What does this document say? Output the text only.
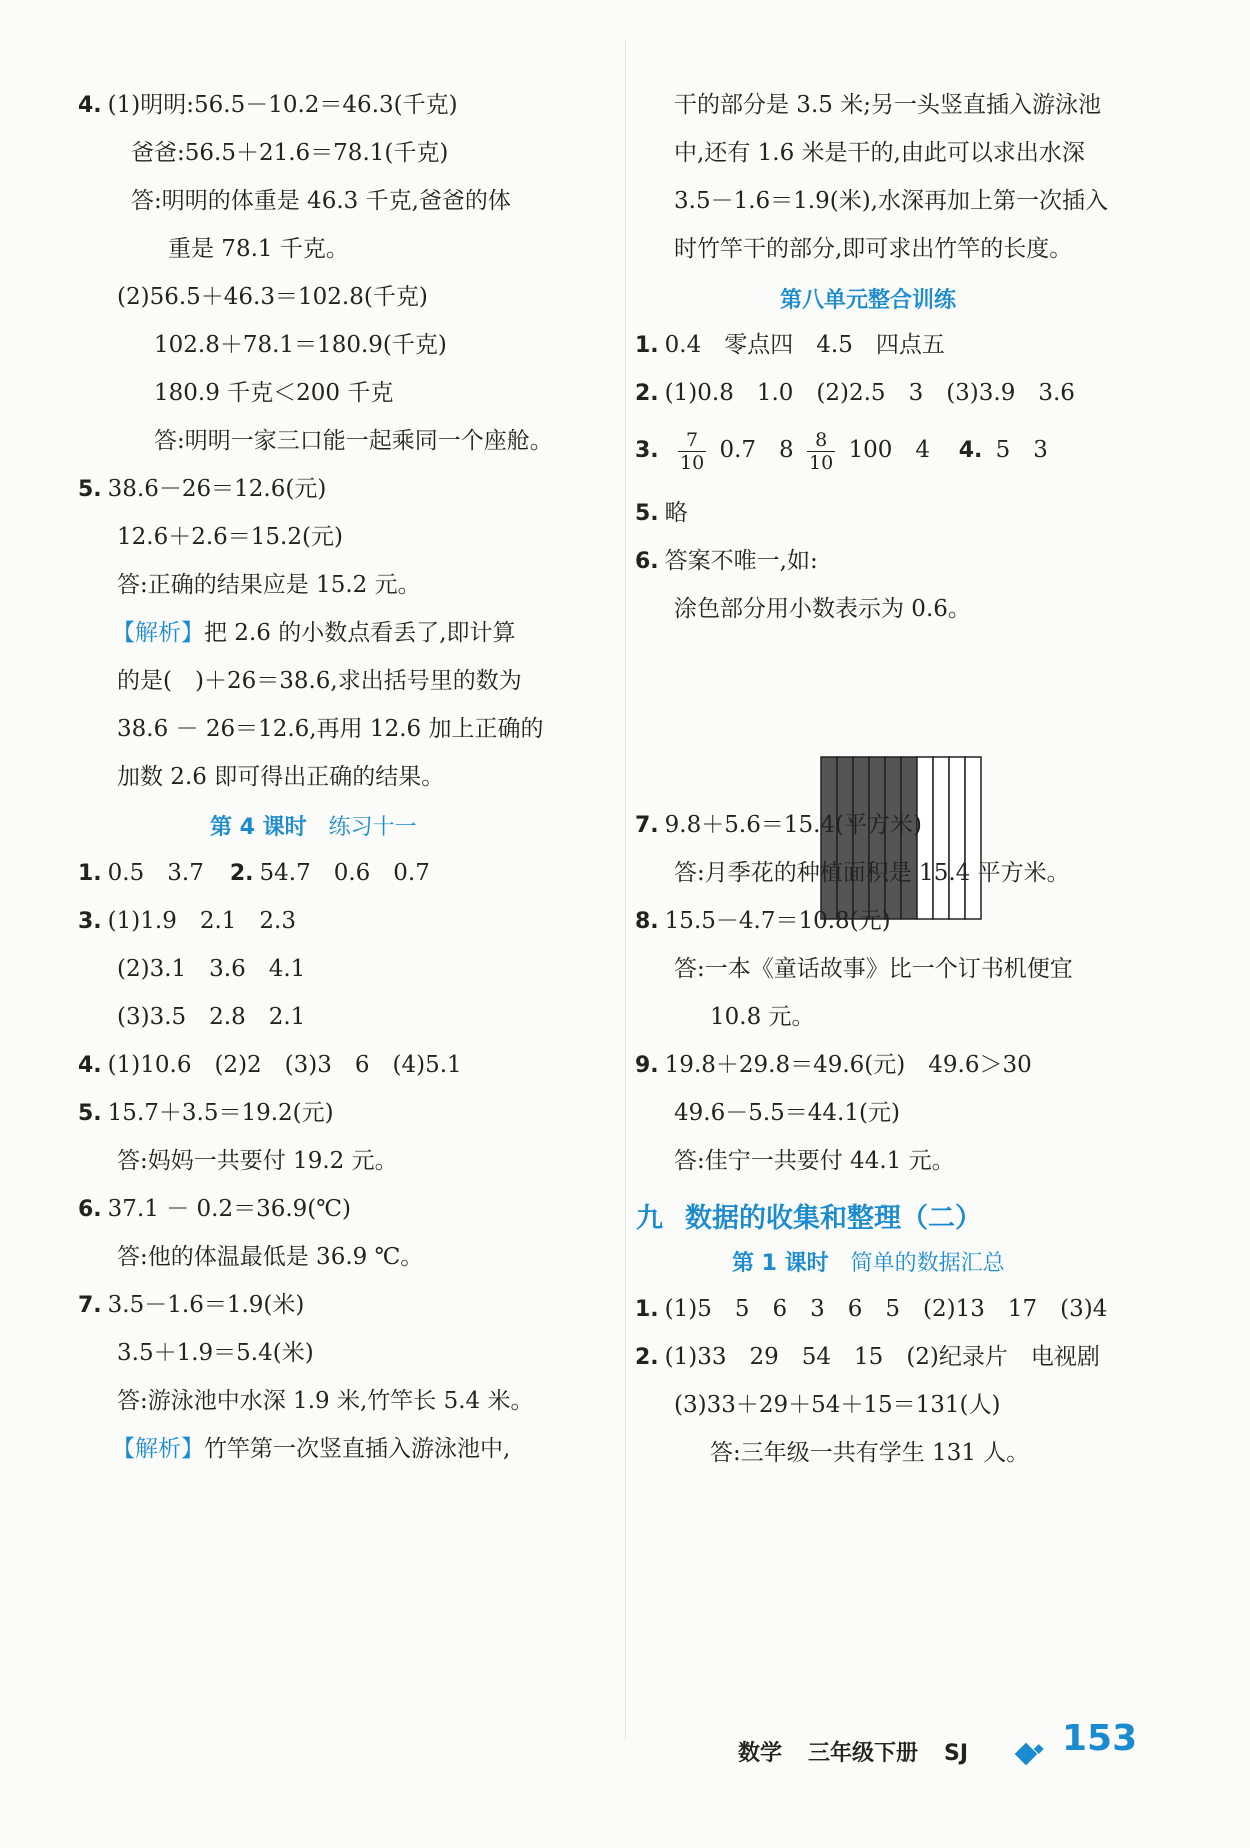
4. (1)明明:56.5－10.2＝46.3(千克)
爸爸:56.5＋21.6＝78.1(千克)
答:明明的体重是 46.3 千克,爸爸的体
重是 78.1 千克。
(2)56.5＋46.3＝102.8(千克)
102.8＋78.1＝180.9(千克)
180.9 千克＜200 千克
答:明明一家三口能一起乘同一个座舱。
5. 38.6－26＝12.6(元)
12.6＋2.6＝15.2(元)
答:正确的结果应是 15.2 元。
【解析】把 2.6 的小数点看丢了,即计算
的是(　)＋26＝38.6,求出括号里的数为
38.6 － 26＝12.6,再用 12.6 加上正确的
加数 2.6 即可得出正确的结果。
第 4 课时 练习十一
1. 0.5　3.7 2. 54.7　0.6　0.7
3. (1)1.9　2.1　2.3
(2)3.1　3.6　4.1
(3)3.5　2.8　2.1
4. (1)10.6　(2)2　(3)3　6　(4)5.1
5. 15.7＋3.5＝19.2(元)
答:妈妈一共要付 19.2 元。
6. 37.1 － 0.2＝36.9(℃)
答:他的体温最低是 36.9 ℃。
7. 3.5－1.6＝1.9(米)
3.5＋1.9＝5.4(米)
答:游泳池中水深 1.9 米,竹竿长 5.4 米。
【解析】竹竿第一次竖直插入游泳池中,
干的部分是 3.5 米;另一头竖直插入游泳池
中,还有 1.6 米是干的,由此可以求出水深
3.5－1.6＝1.9(米),水深再加上第一次插入
时竹竿干的部分,即可求出竹竿的长度。
第八单元整合训练
1. 0.4　零点四　4.5　四点五
2. (1)0.8　1.0　(2)2.5　3　(3)3.9　3.6
3. $\frac{7}{10} 0.7$　$8 \frac{8}{10} 100$　4 4. 5　3
5. 略
6. 答案不唯一,如:
涂色部分用小数表示为 0.6。
7. 9.8＋5.6＝15.4(平方米)
答:月季花的种植面积是 15.4 平方米。
8. 15.5－4.7＝10.8(元)
答:一本《童话故事》比一个订书机便宜
10.8 元。
9. 19.8＋29.8＝49.6(元)　49.6＞30
49.6－5.5＝44.1(元)
答:佳宁一共要付 44.1 元。
九 数据的收集和整理（二）
第 1 课时 简单的数据汇总
1. (1)5　5　6　3　6　5　(2)13　17　(3)4
2. (1)33　29　54　15　(2)纪录片　电视剧
(3)33＋29＋54＋15＝131(人)
答:三年级一共有学生 131 人。
数学 三年级下册 SJ	153
